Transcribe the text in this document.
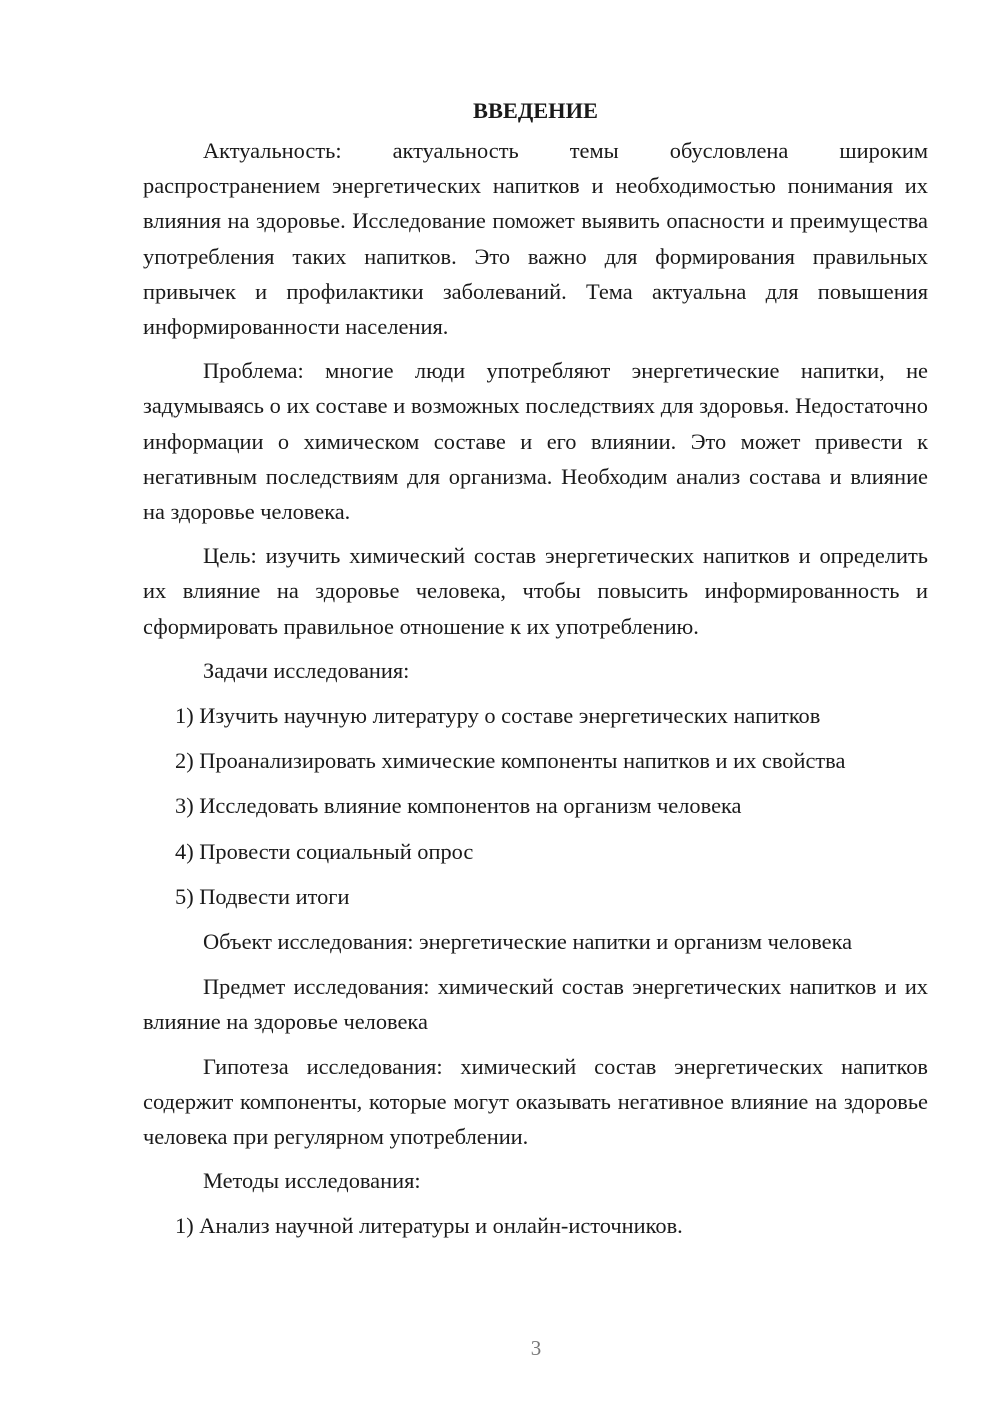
ВВЕДЕНИЕ

Актуальность: актуальность темы обусловлена широким распространением энергетических напитков и необходимостью понимания их влияния на здоровье. Исследование поможет выявить опасности и преимущества употребления таких напитков. Это важно для формирования правильных привычек и профилактики заболеваний. Тема актуальна для повышения информированности населения.

Проблема: многие люди употребляют энергетические напитки, не задумываясь о их составе и возможных последствиях для здоровья. Недостаточно информации о химическом составе и его влиянии. Это может привести к негативным последствиям для организма. Необходим анализ состава и влияние на здоровье человека.

Цель: изучить химический состав энергетических напитков и определить их влияние на здоровье человека, чтобы повысить информированность и сформировать правильное отношение к их употреблению.

Задачи исследования:
1) Изучить научную литературу о составе энергетических напитков
2) Проанализировать химические компоненты напитков и их свойства
3) Исследовать влияние компонентов на организм человека
4) Провести социальный опрос
5) Подвести итоги
Объект исследования: энергетические напитки и организм человека

Предмет исследования: химический состав энергетических напитков и их влияние на здоровье человека

Гипотеза исследования: химический состав энергетических напитков содержит компоненты, которые могут оказывать негативное влияние на здоровье человека при регулярном употреблении.

Методы исследования:
1) Анализ научной литературы и онлайн-источников.
3
